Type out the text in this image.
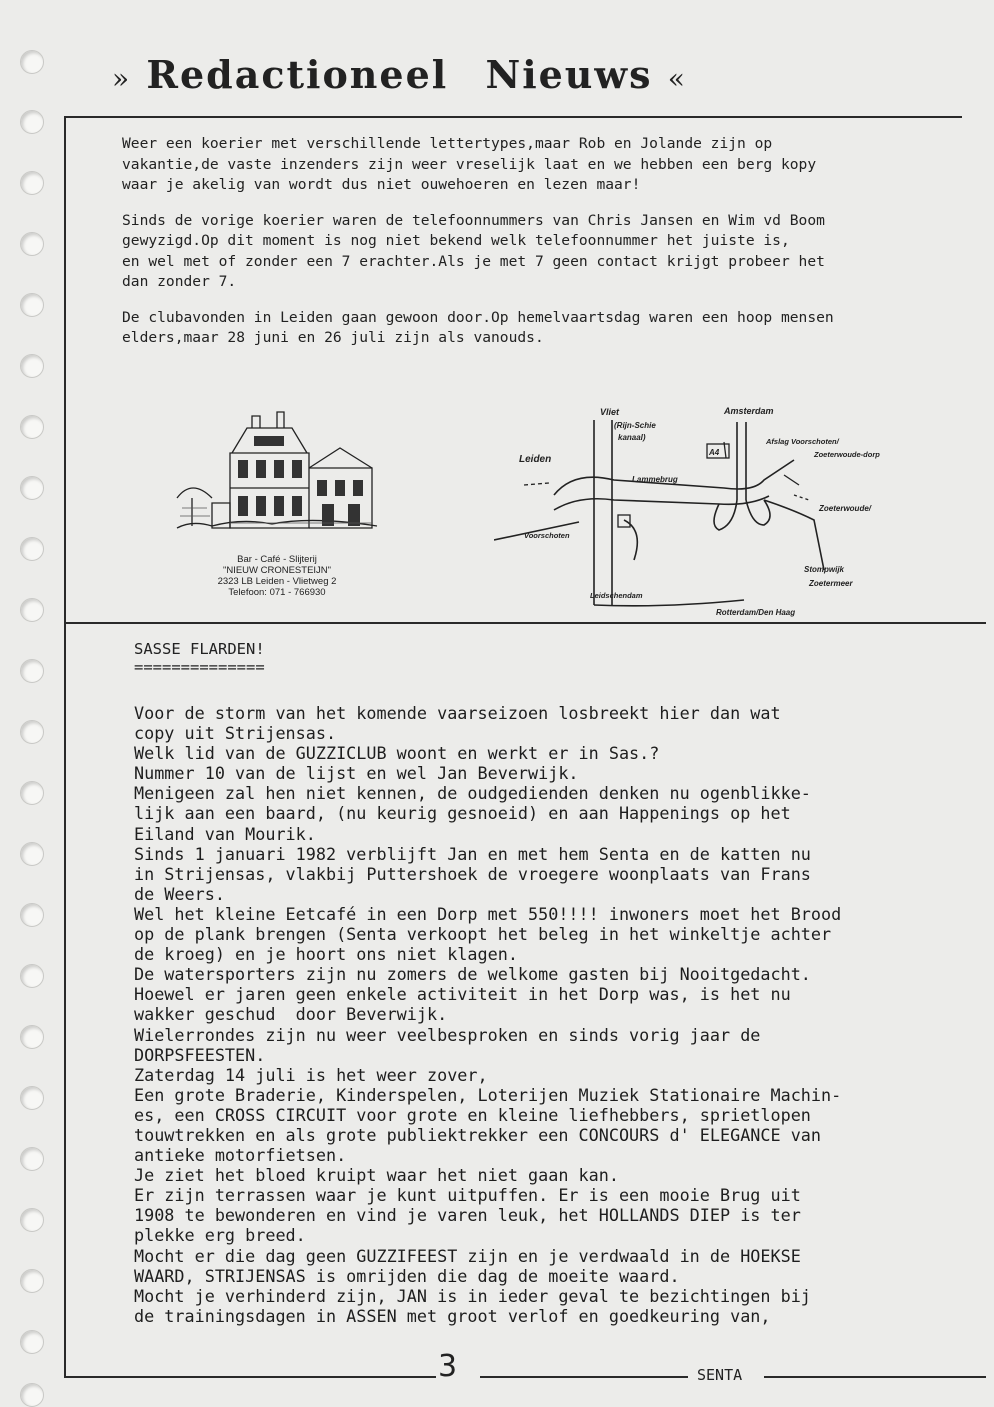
» Redactioneel Nieuws «

Weer een koerier met verschillende lettertypes,maar Rob en Jolande zijn op
vakantie,de vaste inzenders zijn weer vreselijk laat en we hebben een berg kopy
waar je akelig van wordt dus niet ouwehoeren en lezen maar!

Sinds de vorige koerier waren de telefoonnummers van Chris Jansen en Wim vd Boom
gewyzigd.Op dit moment is nog niet bekend welk telefoonnummer het juiste is,
en wel met of zonder een 7 erachter.Als je met 7 geen contact krijgt probeer het
dan zonder 7.

De clubavonden in Leiden gaan gewoon door.Op hemelvaartsdag waren een hoop mensen
elders,maar 28 juni en 26 juli zijn als vanouds.

Bar - Café - Slijterij
"NIEUW CRONESTEIJN"
2323 LB Leiden - Vlietweg 2
Telefoon: 071 - 766930
Vliet
(Rijn-Schie
kanaal)
Amsterdam
A4
Afslag Voorschoten/
Zoeterwoude-dorp
Leiden
Lammebrug
Voorschoten
Zoeterwoude/
Stompwijk
Zoetermeer
Leidschendam
Rotterdam/Den Haag
SASSE FLARDEN!
==============
Voor de storm van het komende vaarseizoen losbreekt hier dan wat
copy uit Strijensas.
Welk lid van de GUZZICLUB woont en werkt er in Sas.?
Nummer 10 van de lijst en wel Jan Beverwijk.
Menigeen zal hen niet kennen, de oudgedienden denken nu ogenblikke-
lijk aan een baard, (nu keurig gesnoeid) en aan Happenings op het
Eiland van Mourik.
Sinds 1 januari 1982 verblijft Jan en met hem Senta en de katten nu
in Strijensas, vlakbij Puttershoek de vroegere woonplaats van Frans
de Weers.
Wel het kleine Eetcafé in een Dorp met 550!!!! inwoners moet het Brood
op de plank brengen (Senta verkoopt het beleg in het winkeltje achter
de kroeg) en je hoort ons niet klagen.
De watersporters zijn nu zomers de welkome gasten bij Nooitgedacht.
Hoewel er jaren geen enkele activiteit in het Dorp was, is het nu
wakker geschud  door Beverwijk.
Wielerrondes zijn nu weer veelbesproken en sinds vorig jaar de
DORPSFEESTEN.
Zaterdag 14 juli is het weer zover,
Een grote Braderie, Kinderspelen, Loterijen Muziek Stationaire Machin-
es, een CROSS CIRCUIT voor grote en kleine liefhebbers, sprietlopen
touwtrekken en als grote publiektrekker een CONCOURS d' ELEGANCE van
antieke motorfietsen.
Je ziet het bloed kruipt waar het niet gaan kan.
Er zijn terrassen waar je kunt uitpuffen. Er is een mooie Brug uit
1908 te bewonderen en vind je varen leuk, het HOLLANDS DIEP is ter
plekke erg breed.
Mocht er die dag geen GUZZIFEEST zijn en je verdwaald in de HOEKSE
WAARD, STRIJENSAS is omrijden die dag de moeite waard.
Mocht je verhinderd zijn, JAN is in ieder geval te bezichtingen bij
de trainingsdagen in ASSEN met groot verlof en goedkeuring van,
3	SENTA
